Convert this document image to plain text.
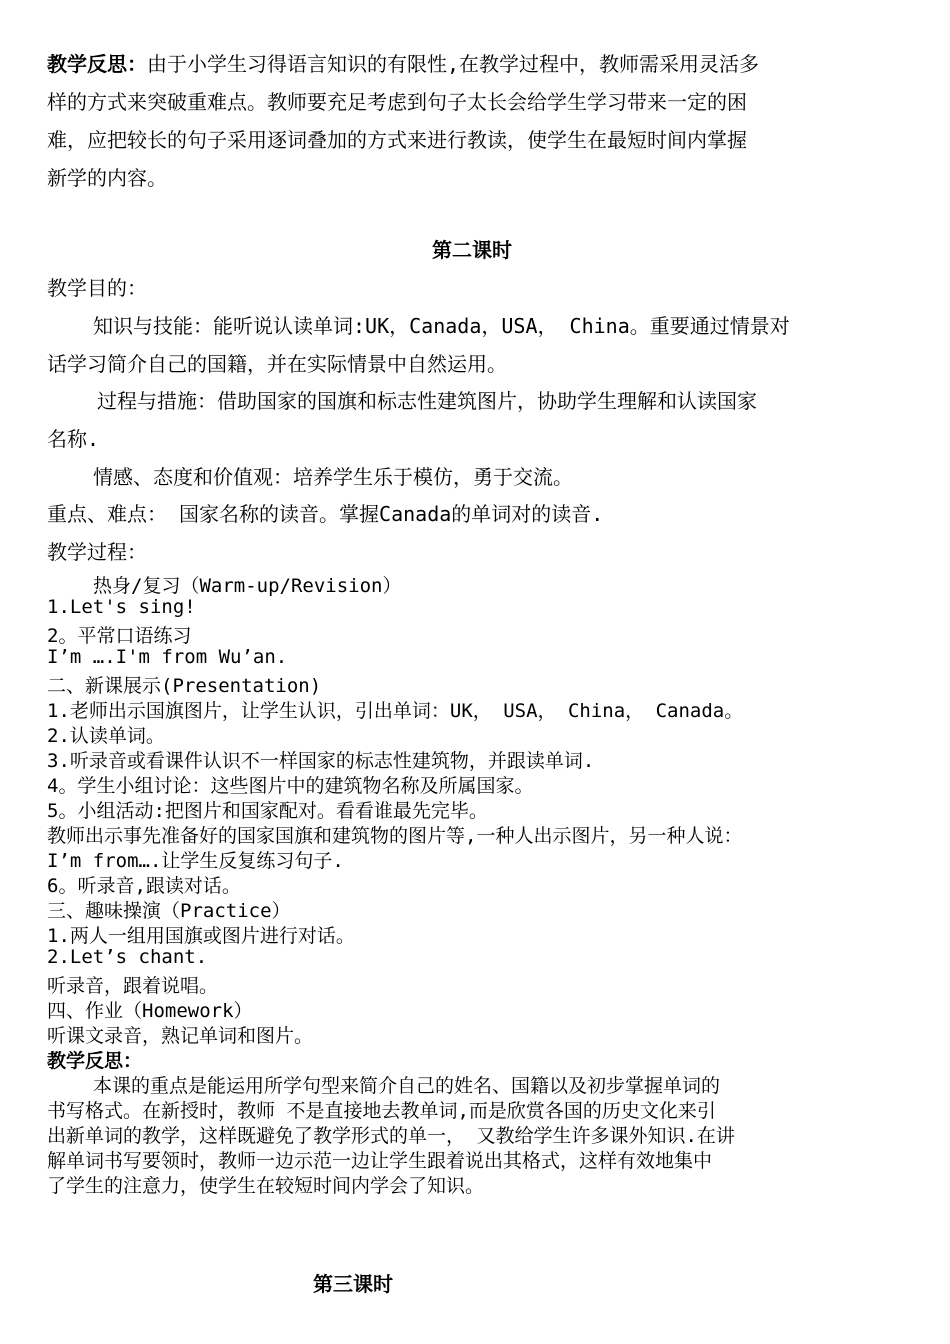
教学反思：由于小学生习得语言知识的有限性,在教学过程中，教师需采用灵活多
样的方式来突破重难点。教师要充足考虑到句子太长会给学生学习带来一定的困
难，应把较长的句子采用逐词叠加的方式来进行教读，使学生在最短时间内掌握
新学的内容。
第二课时
教学目的：
知识与技能：能听说认读单词:UK，Canada，USA， China。重要通过情景对
话学习简介自己的国籍，并在实际情景中自然运用。
过程与措施：借助国家的国旗和标志性建筑图片，协助学生理解和认读国家
名称.
情感、态度和价值观：培养学生乐于模仿，勇于交流。
重点、难点： 国家名称的读音。掌握Canada的单词对的读音.
教学过程：
热身/复习（Warm-up/Revision）
1.Let's sing!
2。平常口语练习
I’m ….I'm from Wu’an.
二、新课展示(Presentation)
1.老师出示国旗图片，让学生认识，引出单词：UK， USA， China， Canada。
2.认读单词。
3.听录音或看课件认识不一样国家的标志性建筑物，并跟读单词.
4。学生小组讨论：这些图片中的建筑物名称及所属国家。
5。小组活动:把图片和国家配对。看看谁最先完毕。
教师出示事先准备好的国家国旗和建筑物的图片等,一种人出示图片，另一种人说：
I’m from….让学生反复练习句子.
6。听录音,跟读对话。
三、趣味操演（Practice）
1.两人一组用国旗或图片进行对话。
2.Let’s chant.
听录音，跟着说唱。
四、作业（Homework）
听课文录音，熟记单词和图片。
教学反思：
本课的重点是能运用所学句型来简介自己的姓名、国籍以及初步掌握单词的
书写格式。在新授时，教师 不是直接地去教单词,而是欣赏各国的历史文化来引
出新单词的教学，这样既避免了教学形式的单一， 又教给学生许多课外知识.在讲
解单词书写要领时，教师一边示范一边让学生跟着说出其格式，这样有效地集中
了学生的注意力，使学生在较短时间内学会了知识。
第三课时
